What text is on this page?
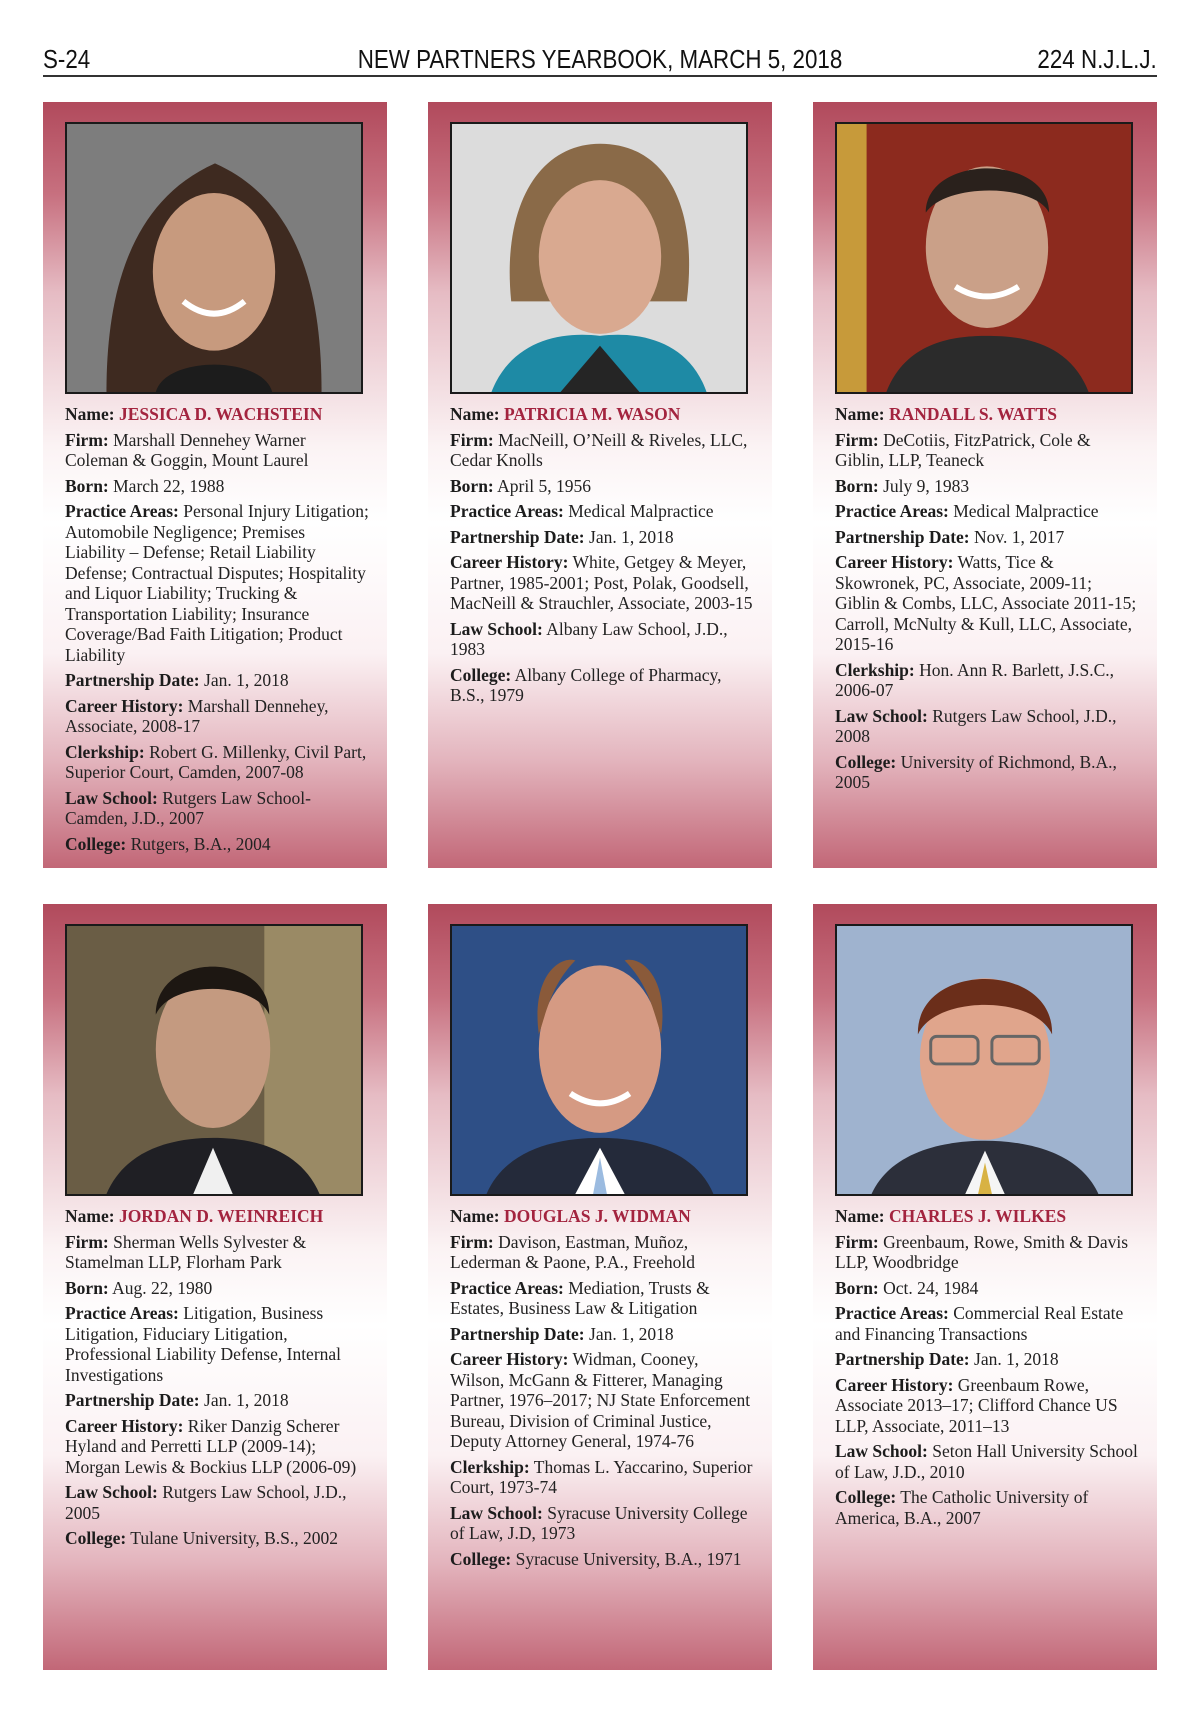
S-24	NEW PARTNERS YEARBOOK, MARCH 5, 2018	224 N.J.L.J.
Name: JESSICA D. WACHSTEIN
Firm: Marshall Dennehey Warner Coleman & Goggin, Mount Laurel
Born: March 22, 1988
Practice Areas: Personal Injury Litigation; Automobile Negligence; Premises Liability – Defense; Retail Liability Defense; Contractual Disputes; Hospitality and Liquor Liability; Trucking & Transportation Liability; Insurance Coverage/Bad Faith Litigation; Product Liability
Partnership Date: Jan. 1, 2018
Career History: Marshall Dennehey, Associate, 2008-17
Clerkship: Robert G. Millenky, Civil Part, Superior Court, Camden, 2007-08
Law School: Rutgers Law School-Camden, J.D., 2007
College: Rutgers, B.A., 2004
Name: PATRICIA M. WASON
Firm: MacNeill, O’Neill & Riveles, LLC, Cedar Knolls
Born: April 5, 1956
Practice Areas: Medical Malpractice
Partnership Date: Jan. 1, 2018
Career History: White, Getgey & Meyer, Partner, 1985-2001; Post, Polak, Goodsell, MacNeill & Strauchler, Associate, 2003-15
Law School: Albany Law School, J.D., 1983
College: Albany College of Pharmacy, B.S., 1979
Name: RANDALL S. WATTS
Firm: DeCotiis, FitzPatrick, Cole & Giblin, LLP, Teaneck
Born: July 9, 1983
Practice Areas: Medical Malpractice
Partnership Date: Nov. 1, 2017
Career History: Watts, Tice & Skowronek, PC, Associate, 2009-11; Giblin & Combs, LLC, Associate 2011-15; Carroll, McNulty & Kull, LLC, Associate, 2015-16
Clerkship: Hon. Ann R. Barlett, J.S.C., 2006-07
Law School: Rutgers Law School, J.D., 2008
College: University of Richmond, B.A., 2005
Name: JORDAN D. WEINREICH
Firm: Sherman Wells Sylvester & Stamelman LLP, Florham Park
Born: Aug. 22, 1980
Practice Areas: Litigation, Business Litigation, Fiduciary Litigation, Professional Liability Defense, Internal Investigations
Partnership Date: Jan. 1, 2018
Career History: Riker Danzig Scherer Hyland and Perretti LLP (2009-14); Morgan Lewis & Bockius LLP (2006-09)
Law School: Rutgers Law School, J.D., 2005
College: Tulane University, B.S., 2002
Name: DOUGLAS J. WIDMAN
Firm: Davison, Eastman, Muñoz, Lederman & Paone, P.A., Freehold
Practice Areas: Mediation, Trusts & Estates, Business Law & Litigation
Partnership Date: Jan. 1, 2018
Career History: Widman, Cooney, Wilson, McGann & Fitterer, Managing Partner, 1976–2017; NJ State Enforcement Bureau, Division of Criminal Justice, Deputy Attorney General, 1974-76
Clerkship: Thomas L. Yaccarino, Superior Court, 1973-74
Law School: Syracuse University College of Law, J.D, 1973
College: Syracuse University, B.A., 1971
Name: CHARLES J. WILKES
Firm: Greenbaum, Rowe, Smith & Davis LLP, Woodbridge
Born: Oct. 24, 1984
Practice Areas: Commercial Real Estate and Financing Transactions
Partnership Date: Jan. 1, 2018
Career History: Greenbaum Rowe, Associate 2013–17; Clifford Chance US LLP, Associate, 2011–13
Law School: Seton Hall University School of Law, J.D., 2010
College: The Catholic University of America, B.A., 2007
